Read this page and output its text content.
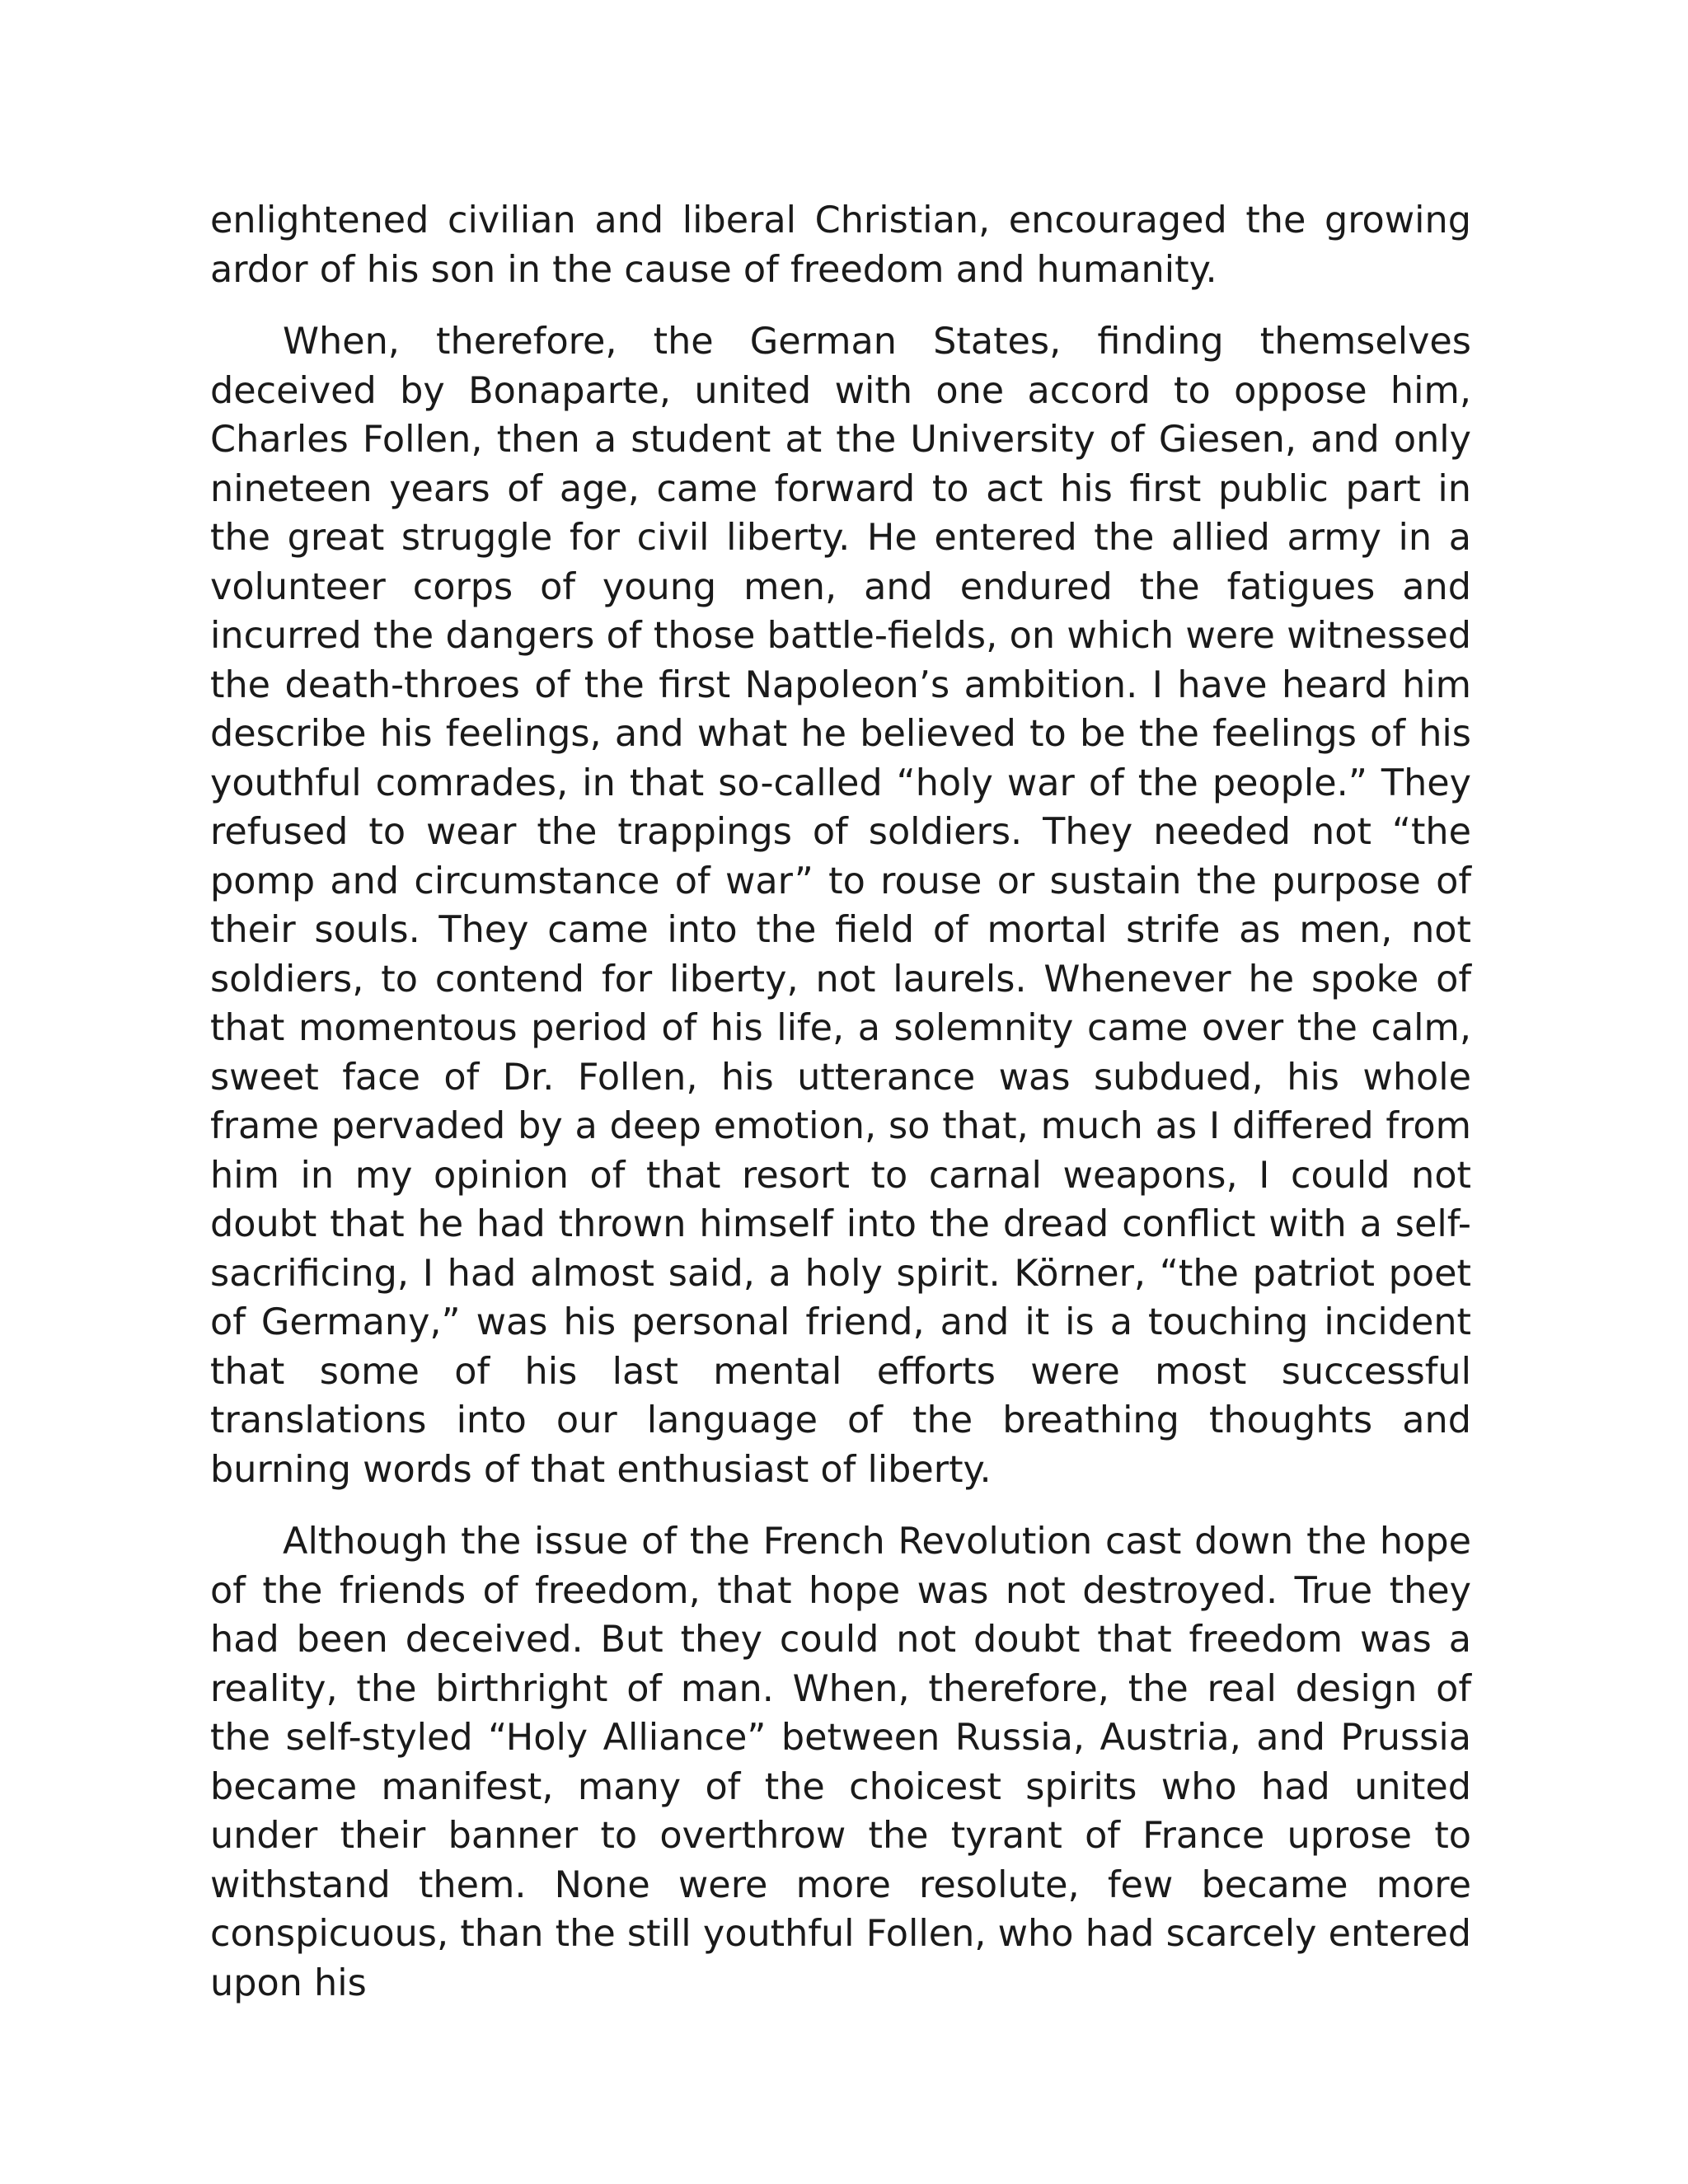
enlightened civilian and liberal Christian, encouraged the growing ardor of his son in the cause of freedom and humanity.

When, therefore, the German States, finding themselves deceived by Bonaparte, united with one accord to oppose him, Charles Follen, then a student at the University of Giesen, and only nineteen years of age, came forward to act his first public part in the great struggle for civil liberty. He entered the allied army in a volunteer corps of young men, and endured the fatigues and incurred the dangers of those battle-fields, on which were witnessed the death-throes of the first Napoleon’s ambition. I have heard him describe his feelings, and what he believed to be the feelings of his youthful comrades, in that so-called “holy war of the people.” They refused to wear the trappings of soldiers. They needed not “the pomp and circumstance of war” to rouse or sustain the purpose of their souls. They came into the field of mortal strife as men, not soldiers, to contend for liberty, not laurels. Whenever he spoke of that momentous period of his life, a solemnity came over the calm, sweet face of Dr. Follen, his utterance was subdued, his whole frame pervaded by a deep emotion, so that, much as I differed from him in my opinion of that resort to carnal weapons, I could not doubt that he had thrown himself into the dread conflict with a self-sacrificing, I had almost said, a holy spirit. Körner, “the patriot poet of Germany,” was his personal friend, and it is a touching incident that some of his last mental efforts were most successful translations into our language of the breathing thoughts and burning words of that enthusiast of liberty.

Although the issue of the French Revolution cast down the hope of the friends of freedom, that hope was not destroyed. True they had been deceived. But they could not doubt that freedom was a reality, the birthright of man. When, therefore, the real design of the self-styled “Holy Alliance” between Russia, Austria, and Prussia became manifest, many of the choicest spirits who had united under their banner to overthrow the tyrant of France uprose to withstand them. None were more resolute, few became more conspicuous, than the still youthful Follen, who had scarcely entered upon his
